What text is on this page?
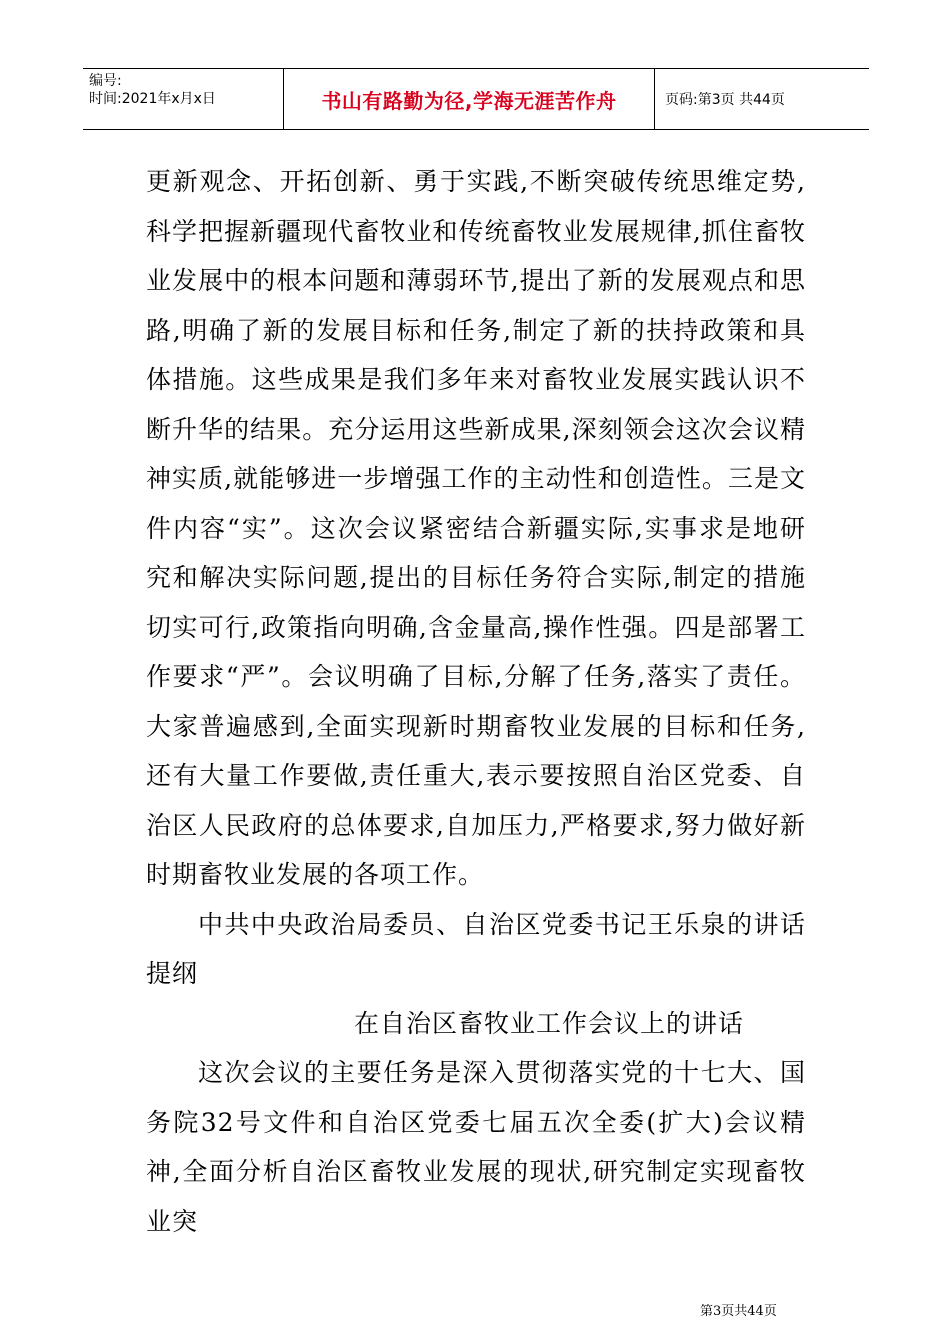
编号:
时间:2021年x月x日	书山有路勤为径,学海无涯苦作舟	页码:第3页 共44页

更新观念、开拓创新、勇于实践,不断突破传统思维定势,科学把握新疆现代畜牧业和传统畜牧业发展规律,抓住畜牧业发展中的根本问题和薄弱环节,提出了新的发展观点和思路,明确了新的发展目标和任务,制定了新的扶持政策和具体措施。这些成果是我们多年来对畜牧业发展实践认识不断升华的结果。充分运用这些新成果,深刻领会这次会议精神实质,就能够进一步增强工作的主动性和创造性。三是文件内容“实”。这次会议紧密结合新疆实际,实事求是地研究和解决实际问题,提出的目标任务符合实际,制定的措施切实可行,政策指向明确,含金量高,操作性强。四是部署工作要求“严”。会议明确了目标,分解了任务,落实了责任。大家普遍感到,全面实现新时期畜牧业发展的目标和任务,还有大量工作要做,责任重大,表示要按照自治区党委、自治区人民政府的总体要求,自加压力,严格要求,努力做好新时期畜牧业发展的各项工作。

中共中央政治局委员、自治区党委书记王乐泉的讲话提纲

在自治区畜牧业工作会议上的讲话

这次会议的主要任务是深入贯彻落实党的十七大、国务院32号文件和自治区党委七届五次全委(扩大)会议精神,全面分析自治区畜牧业发展的现状,研究制定实现畜牧业突

第3页共44页
